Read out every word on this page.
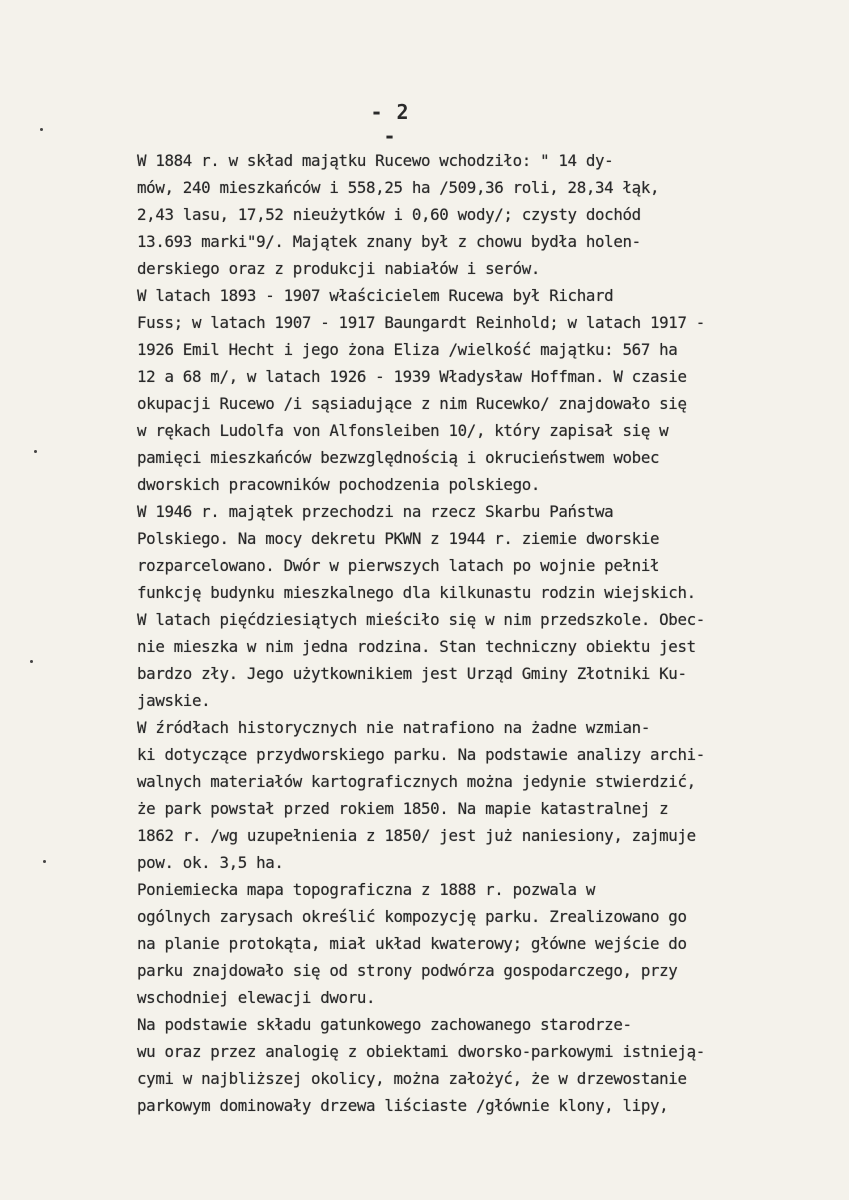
- 2 -
W 1884 r. w skład majątku Rucewo wchodziło: " 14 dy-
mów, 240 mieszkańców i 558,25 ha /509,36 roli, 28,34 łąk,
2,43 lasu, 17,52 nieużytków i 0,60 wody/; czysty dochód
13.693 marki"9/. Majątek znany był z chowu bydła holen-
derskiego oraz z produkcji nabiałów i serów.
W latach 1893 - 1907 właścicielem Rucewa był Richard
Fuss; w latach 1907 - 1917 Baungardt Reinhold; w latach 1917 -
1926 Emil Hecht i jego żona Eliza /wielkość majątku: 567 ha
12 a 68 m/, w latach 1926 - 1939 Władysław Hoffman. W czasie
okupacji Rucewo /i sąsiadujące z nim Rucewko/ znajdowało się
w rękach Ludolfa von Alfonsleiben 10/, który zapisał się w
pamięci mieszkańców bezwzględnością i okrucieństwem wobec
dworskich pracowników pochodzenia polskiego.
W 1946 r. majątek przechodzi na rzecz Skarbu Państwa
Polskiego. Na mocy dekretu PKWN z 1944 r. ziemie dworskie
rozparcelowano. Dwór w pierwszych latach po wojnie pełnił
funkcję budynku mieszkalnego dla kilkunastu rodzin wiejskich.
W latach pięćdziesiątych mieściło się w nim przedszkole. Obec-
nie mieszka w nim jedna rodzina. Stan techniczny obiektu jest
bardzo zły. Jego użytkownikiem jest Urząd Gminy Złotniki Ku-
jawskie.
W źródłach historycznych nie natrafiono na żadne wzmian-
ki dotyczące przydworskiego parku. Na podstawie analizy archi-
walnych materiałów kartograficznych można jedynie stwierdzić,
że park powstał przed rokiem 1850. Na mapie katastralnej z
1862 r. /wg uzupełnienia z 1850/ jest już naniesiony, zajmuje
pow. ok. 3,5 ha.
Poniemiecka mapa topograficzna z 1888 r. pozwala w
ogólnych zarysach określić kompozycję parku. Zrealizowano go
na planie protokąta, miał układ kwaterowy; główne wejście do
parku znajdowało się od strony podwórza gospodarczego, przy
wschodniej elewacji dworu.
Na podstawie składu gatunkowego zachowanego starodrze-
wu oraz przez analogię z obiektami dworsko-parkowymi istnieją-
cymi w najbliższej okolicy, można założyć, że w drzewostanie
parkowym dominowały drzewa liściaste /głównie klony, lipy,
